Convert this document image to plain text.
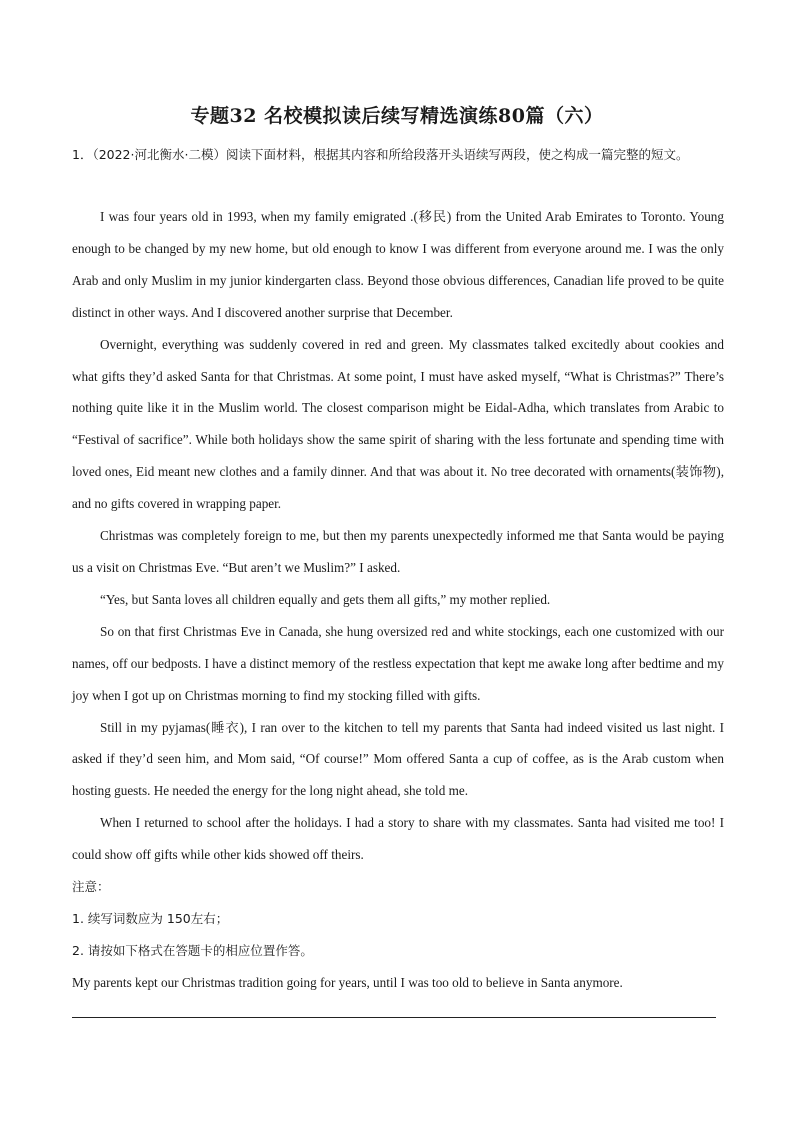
专题32 名校模拟读后续写精选演练80篇（六）

1．（2022·河北衡水·二模）阅读下面材料，根据其内容和所给段落开头语续写两段，使之构成一篇完整的短文。

I was four years old in 1993, when my family emigrated .(移民) from the United Arab Emirates to Toronto. Young enough to be changed by my new home, but old enough to know I was different from everyone around me. I was the only Arab and only Muslim in my junior kindergarten class. Beyond those obvious differences, Canadian life proved to be quite distinct in other ways. And I discovered another surprise that December.

Overnight, everything was suddenly covered in red and green. My classmates talked excitedly about cookies and what gifts they’d asked Santa for that Christmas. At some point, I must have asked myself, “What is Christmas?” There’s nothing quite like it in the Muslim world. The closest comparison might be Eidal-Adha, which translates from Arabic to “Festival of sacrifice”. While both holidays show the same spirit of sharing with the less fortunate and spending time with loved ones, Eid meant new clothes and a family dinner. And that was about it. No tree decorated with ornaments(装饰物), and no gifts covered in wrapping paper.

Christmas was completely foreign to me, but then my parents unexpectedly informed me that Santa would be paying us a visit on Christmas Eve. “But aren’t we Muslim?” I asked.

“Yes, but Santa loves all children equally and gets them all gifts,” my mother replied.

So on that first Christmas Eve in Canada, she hung oversized red and white stockings, each one customized with our names, off our bedposts. I have a distinct memory of the restless expectation that kept me awake long after bedtime and my joy when I got up on Christmas morning to find my stocking filled with gifts.

Still in my pyjamas(睡衣), I ran over to the kitchen to tell my parents that Santa had indeed visited us last night. I asked if they’d seen him, and Mom said, “Of course!” Mom offered Santa a cup of coffee, as is the Arab custom when hosting guests. He needed the energy for the long night ahead, she told me.

When I returned to school after the holidays. I had a story to share with my classmates. Santa had visited me too! I could show off gifts while other kids showed off theirs.

注意：

1. 续写词数应为 150左右；

2. 请按如下格式在答题卡的相应位置作答。

My parents kept our Christmas tradition going for years, until I was too old to believe in Santa anymore.
